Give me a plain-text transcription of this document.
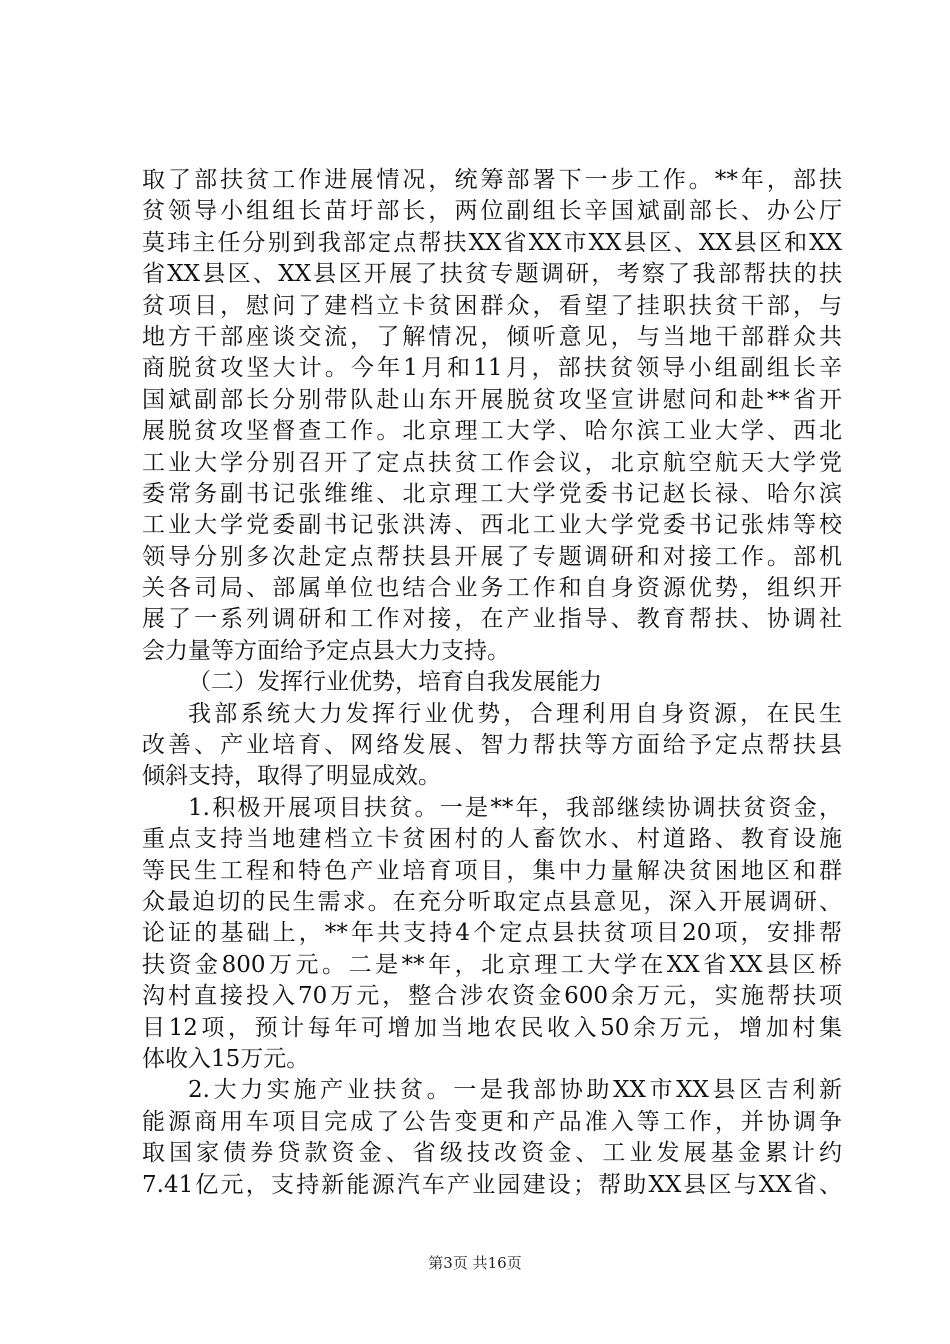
取了部扶贫工作进展情况，统筹部署下一步工作。**年，部扶
贫领导小组组长苗圩部长，两位副组长辛国斌副部长、办公厅
莫玮主任分别到我部定点帮扶XX省XX市XX县区、XX县区和XX
省XX县区、XX县区开展了扶贫专题调研，考察了我部帮扶的扶
贫项目，慰问了建档立卡贫困群众，看望了挂职扶贫干部，与
地方干部座谈交流，了解情况，倾听意见，与当地干部群众共
商脱贫攻坚大计。今年1月和11月，部扶贫领导小组副组长辛
国斌副部长分别带队赴山东开展脱贫攻坚宣讲慰问和赴**省开
展脱贫攻坚督查工作。北京理工大学、哈尔滨工业大学、西北
工业大学分别召开了定点扶贫工作会议，北京航空航天大学党
委常务副书记张维维、北京理工大学党委书记赵长禄、哈尔滨
工业大学党委副书记张洪涛、西北工业大学党委书记张炜等校
领导分别多次赴定点帮扶县开展了专题调研和对接工作。部机
关各司局、部属单位也结合业务工作和自身资源优势，组织开
展了一系列调研和工作对接，在产业指导、教育帮扶、协调社
会力量等方面给予定点县大力支持。
（二）发挥行业优势，培育自我发展能力
我部系统大力发挥行业优势，合理利用自身资源，在民生
改善、产业培育、网络发展、智力帮扶等方面给予定点帮扶县
倾斜支持，取得了明显成效。
1.积极开展项目扶贫。一是**年，我部继续协调扶贫资金，
重点支持当地建档立卡贫困村的人畜饮水、村道路、教育设施
等民生工程和特色产业培育项目，集中力量解决贫困地区和群
众最迫切的民生需求。在充分听取定点县意见，深入开展调研、
论证的基础上，**年共支持4个定点县扶贫项目20项，安排帮
扶资金800万元。二是**年，北京理工大学在XX省XX县区桥
沟村直接投入70万元，整合涉农资金600余万元，实施帮扶项
目12项，预计每年可增加当地农民收入50余万元，增加村集
体收入15万元。
2.大力实施产业扶贫。一是我部协助XX市XX县区吉利新
能源商用车项目完成了公告变更和产品准入等工作，并协调争
取国家债券贷款资金、省级技改资金、工业发展基金累计约
7.41亿元，支持新能源汽车产业园建设；帮助XX县区与XX省、
第3页 共16页
